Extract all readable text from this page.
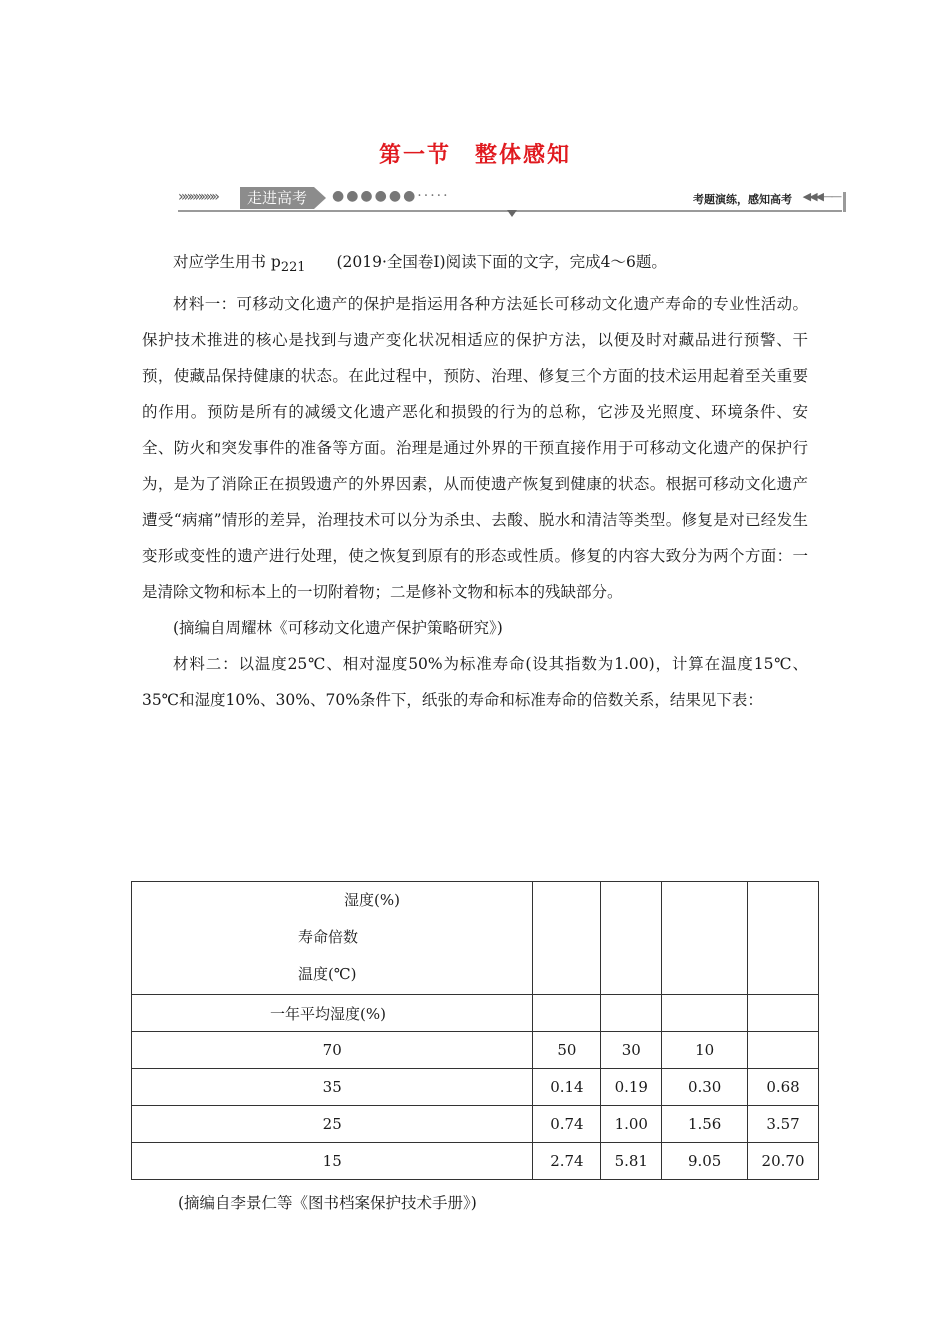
第一节　整体感知
»»»»»»»	走进高考	●●●●●●·····	考题演练，感知高考 ◀◀◀——

对应学生用书 $p_{221}$ (2019·全国卷Ⅰ)阅读下面的文字，完成4～6题。

材料一：可移动文化遗产的保护是指运用各种方法延长可移动文化遗产寿命的专业性活动。保护技术推进的核心是找到与遗产变化状况相适应的保护方法，以便及时对藏品进行预警、干预，使藏品保持健康的状态。在此过程中，预防、治理、修复三个方面的技术运用起着至关重要的作用。预防是所有的减缓文化遗产恶化和损毁的行为的总称，它涉及光照度、环境条件、安全、防火和突发事件的准备等方面。治理是通过外界的干预直接作用于可移动文化遗产的保护行为，是为了消除正在损毁遗产的外界因素，从而使遗产恢复到健康的状态。根据可移动文化遗产遭受“病痛”情形的差异，治理技术可以分为杀虫、去酸、脱水和清洁等类型。修复是对已经发生变形或变性的遗产进行处理，使之恢复到原有的形态或性质。修复的内容大致分为两个方面：一是清除文物和标本上的一切附着物；二是修补文物和标本的残缺部分。

(摘编自周耀林《可移动文化遗产保护策略研究》)

材料二：以温度25℃、相对湿度50%为标准寿命(设其指数为1.00)，计算在温度15℃、35℃和湿度10%、30%、70%条件下，纸张的寿命和标准寿命的倍数关系，结果见下表：

湿度(%)
寿命倍数
温度(℃)				

一年平均湿度(%)				
70	50	30	10	
35	0.14	0.19	0.30	0.68
25	0.74	1.00	1.56	3.57
15	2.74	5.81	9.05	20.70
(摘编自李景仁等《图书档案保护技术手册》)
